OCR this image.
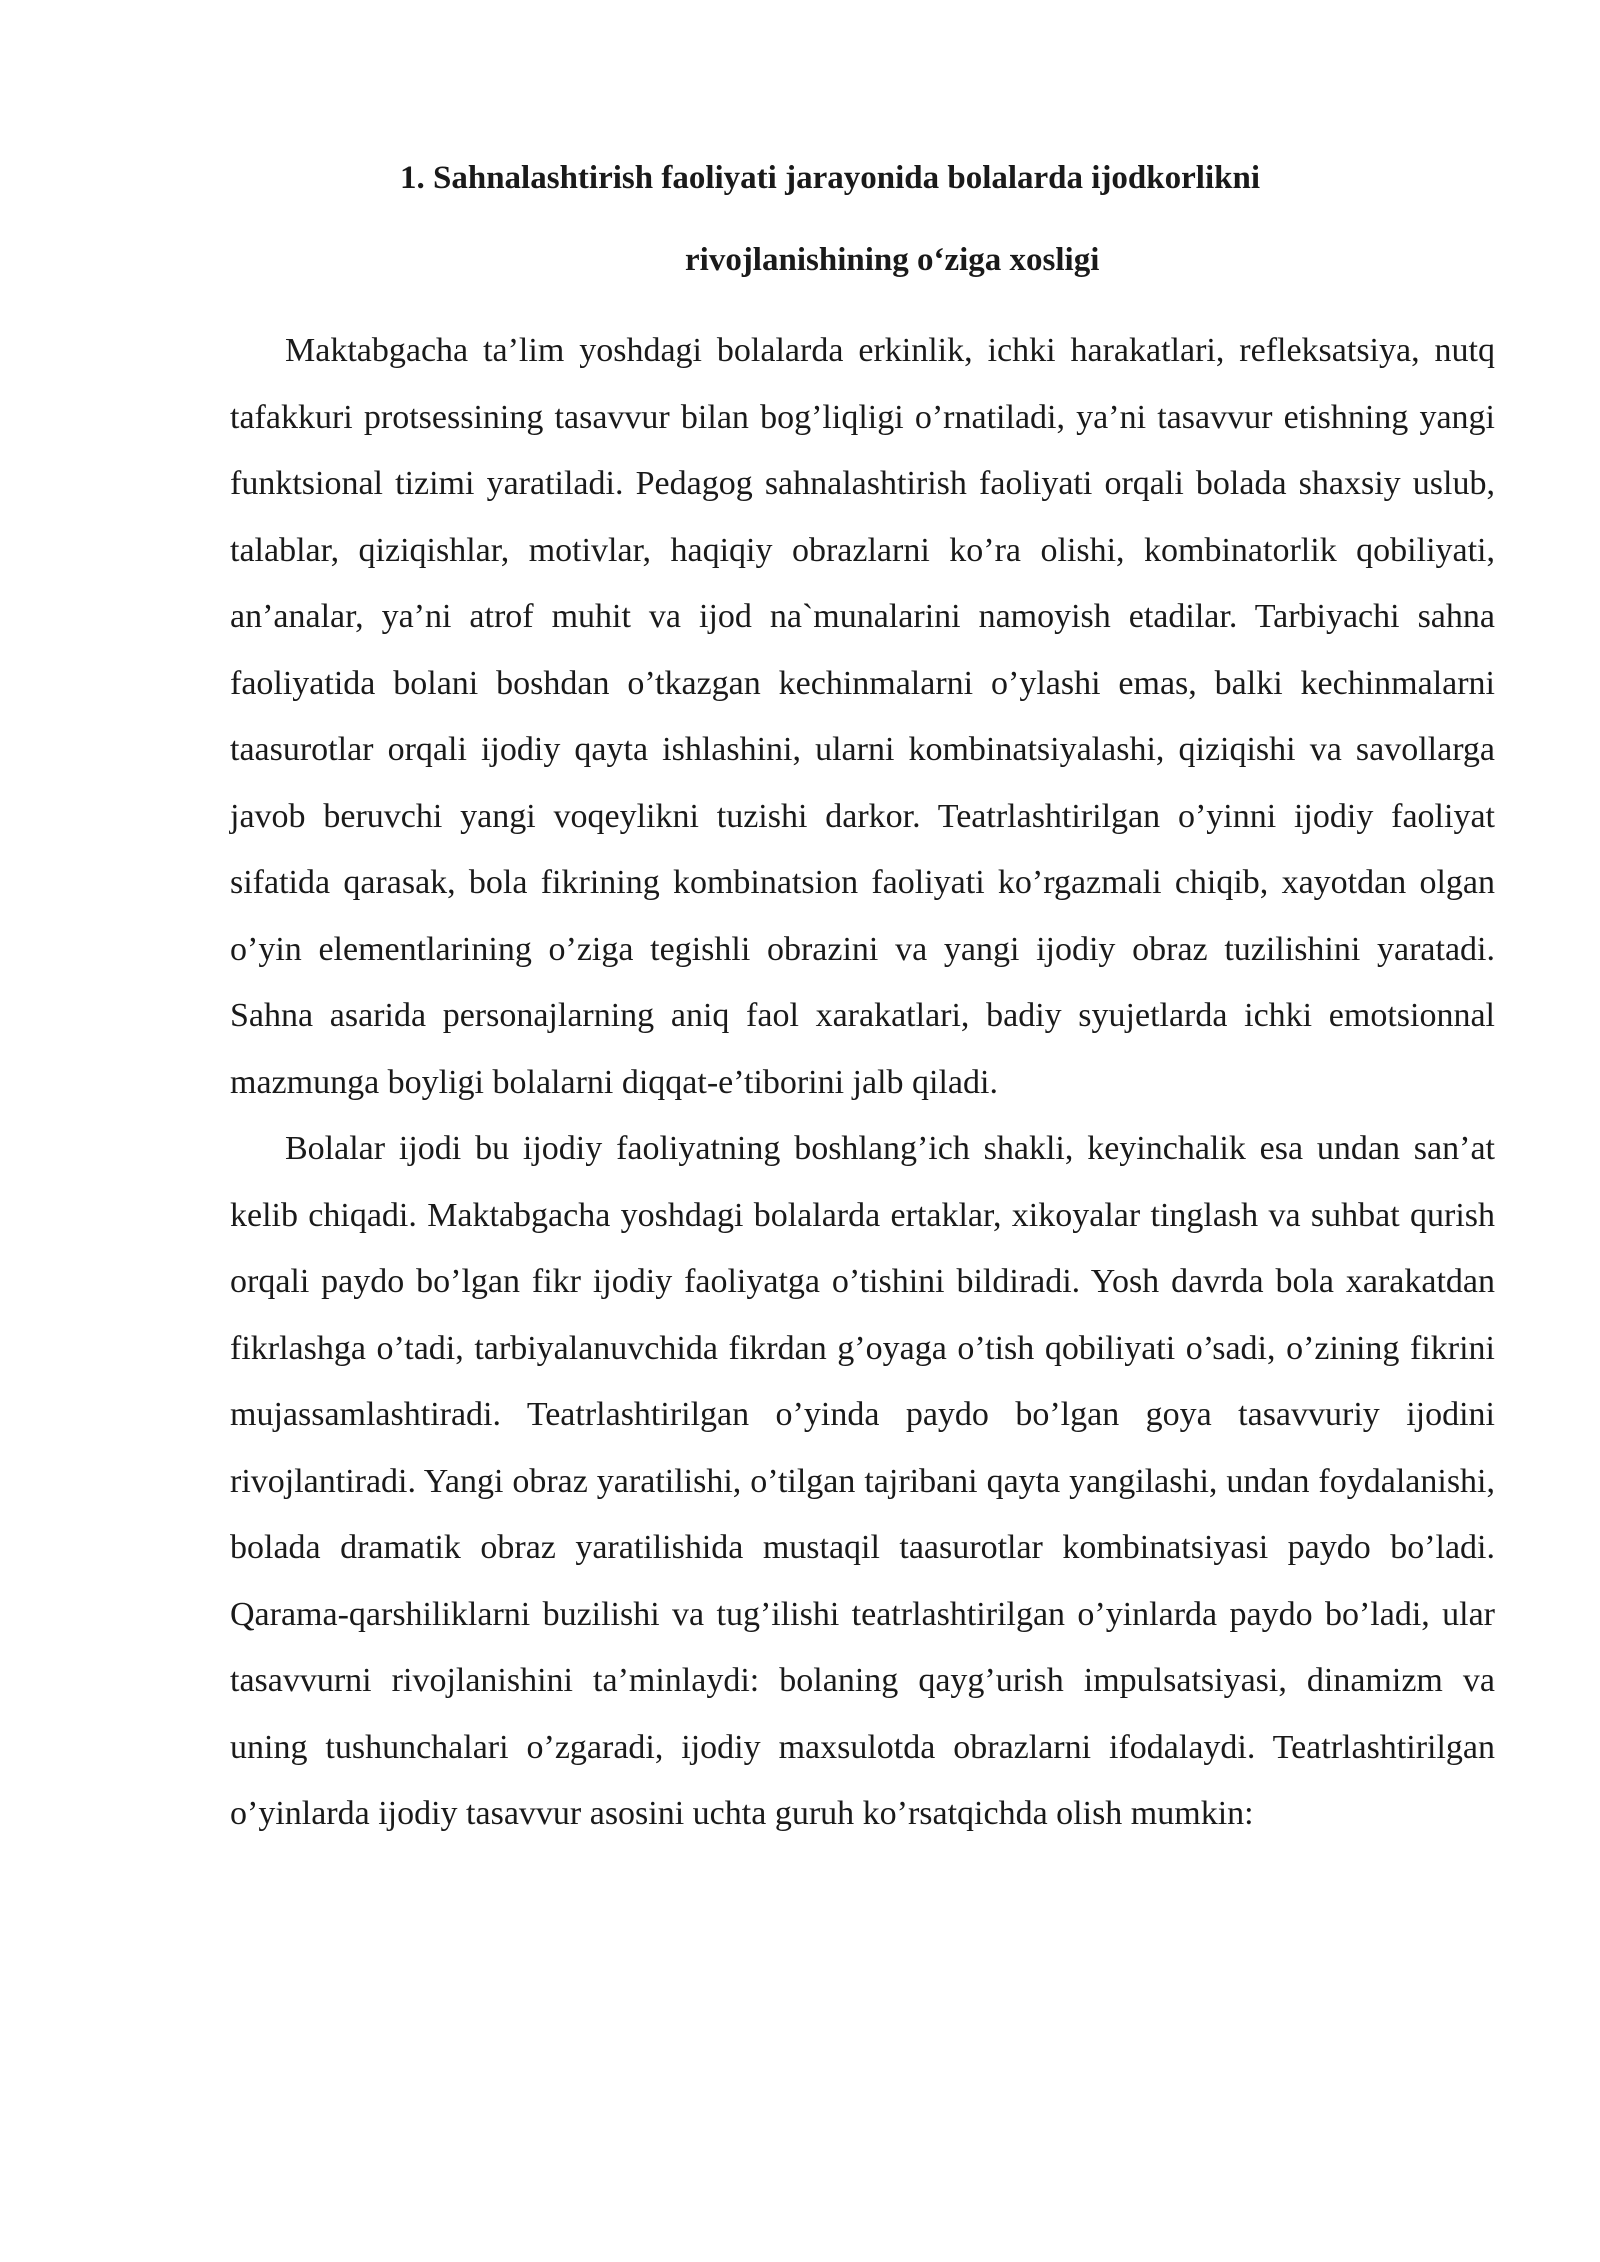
1. Sahnalashtirish faoliyati jarayonida bolalarda ijodkorlikni
rivojlanishining o‘ziga xosligi

Maktabgacha ta’lim yoshdagi bolalarda erkinlik, ichki harakatlari, refleksatsiya, nutq tafakkuri protsessining tasavvur bilan bog’liqligi o’rnatiladi, ya’ni tasavvur etishning yangi funktsional tizimi yaratiladi. Pedagog sahnalashtirish faoliyati orqali bolada shaxsiy uslub, talablar, qiziqishlar, motivlar, haqiqiy obrazlarni ko’ra olishi, kombinatorlik qobiliyati, an’analar, ya’ni atrof muhit va ijod na`munalarini namoyish etadilar. Tarbiyachi sahna faoliyatida bolani boshdan o’tkazgan kechinmalarni o’ylashi emas, balki kechinmalarni taasurotlar orqali ijodiy qayta ishlashini, ularni kombinatsiyalashi, qiziqishi va savollarga javob beruvchi yangi voqeylikni tuzishi darkor. Teatrlashtirilgan o’yinni ijodiy faoliyat sifatida qarasak, bola fikrining kombinatsion faoliyati ko’rgazmali chiqib, xayotdan olgan o’yin elementlarining o’ziga tegishli obrazini va yangi ijodiy obraz tuzilishini yaratadi. Sahna asarida personajlarning aniq faol xarakatlari, badiy syujetlarda ichki emotsionnal mazmunga boyligi bolalarni diqqat-e’tiborini jalb qiladi.

Bolalar ijodi bu ijodiy faoliyatning boshlang’ich shakli, keyinchalik esa undan san’at kelib chiqadi. Maktabgacha yoshdagi bolalarda ertaklar, xikoyalar tinglash va suhbat qurish orqali paydo bo’lgan fikr ijodiy faoliyatga o’tishini bildiradi. Yosh davrda bola xarakatdan fikrlashga o’tadi, tarbiyalanuvchida fikrdan g’oyaga o’tish qobiliyati o’sadi, o’zining fikrini mujassamlashtiradi. Teatrlashtirilgan o’yinda paydo bo’lgan goya tasavvuriy ijodini rivojlantiradi. Yangi obraz yaratilishi, o’tilgan tajribani qayta yangilashi, undan foydalanishi, bolada dramatik obraz yaratilishida mustaqil taasurotlar kombinatsiyasi paydo bo’ladi. Qarama-qarshiliklarni buzilishi va tug’ilishi teatrlashtirilgan o’yinlarda paydo bo’ladi, ular tasavvurni rivojlanishini ta’minlaydi: bolaning qayg’urish impulsatsiyasi, dinamizm va uning tushunchalari o’zgaradi, ijodiy maxsulotda obrazlarni ifodalaydi. Teatrlashtirilgan o’yinlarda ijodiy tasavvur asosini uchta guruh ko’rsatqichda olish mumkin:
